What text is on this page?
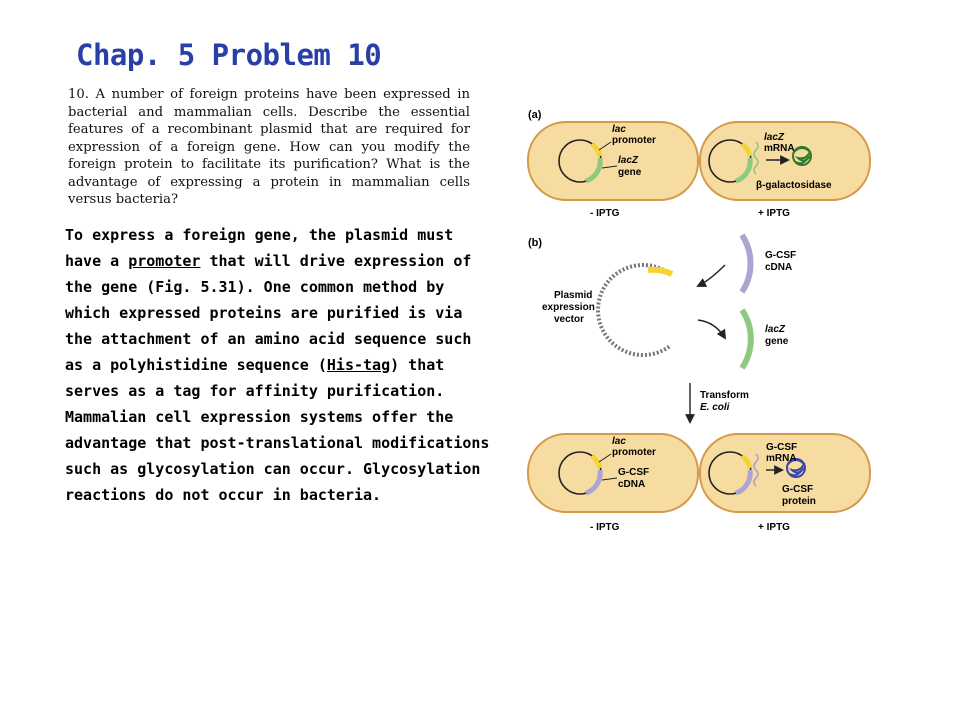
Chap. 5 Problem 10
10. A number of foreign proteins have been expressed in bacterial and mammalian cells. Describe the essential features of a recombinant plasmid that are required for expression of a foreign gene. How can you modify the foreign protein to facilitate its purification? What is the advantage of expressing a protein in mammalian cells versus bacteria?

To express a foreign gene, the plasmid must have a promoter that will drive expression of the gene (Fig. 5.31). One common method by which expressed proteins are purified is via the attachment of an amino acid sequence such as a polyhistidine sequence (His-tag) that serves as a tag for affinity purification. Mammalian cell expression systems offer the advantage that post-translational modifications such as glycosylation can occur. Glycosylation reactions do not occur in bacteria.

(a)
lac
promoter
lacZ
gene
- IPTG
lacZ
mRNA
β-galactosidase
+ IPTG
(b)
G-CSF
cDNA
Plasmid
expression
vector
lacZ
gene
Transform
E. coli
lac
promoter
G-CSF
cDNA
- IPTG
G-CSF
mRNA
G-CSF
protein
+ IPTG
